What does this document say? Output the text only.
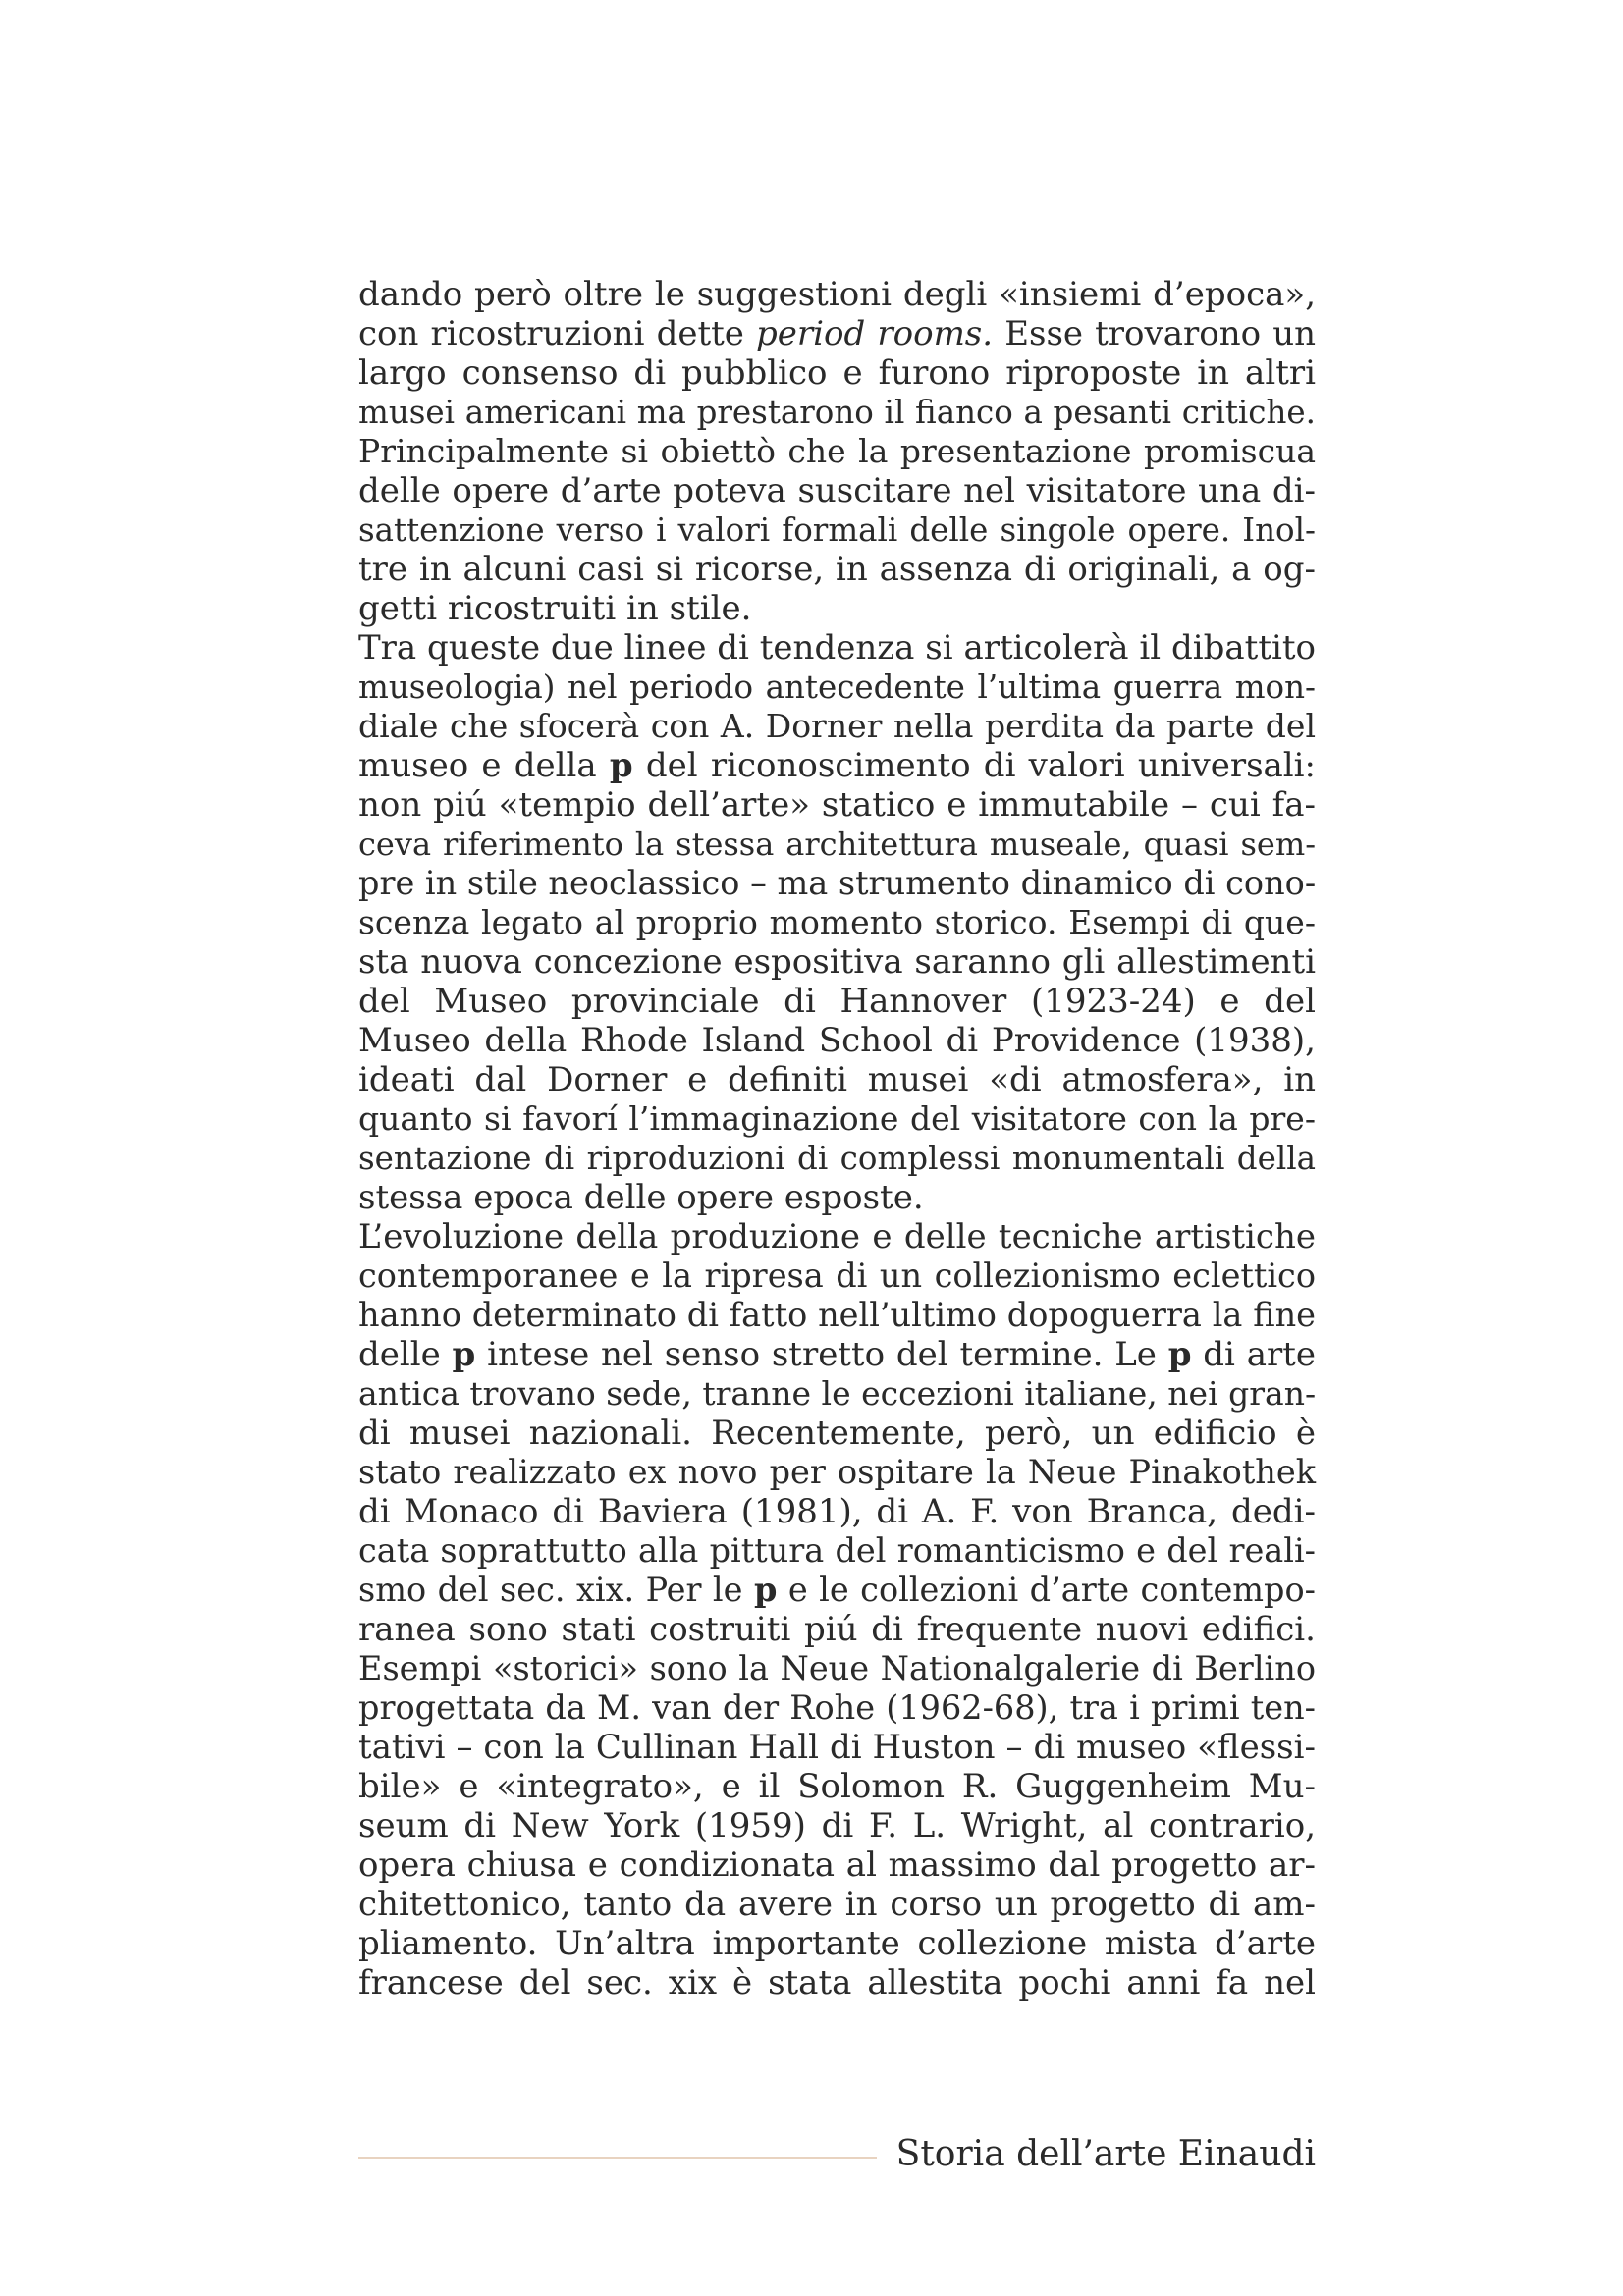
dando però oltre le suggestioni degli «insiemi d’epoca»,
con ricostruzioni dette period rooms. Esse trovarono un
largo consenso di pubblico e furono riproposte in altri
musei americani ma prestarono il fianco a pesanti critiche.
Principalmente si obiettò che la presentazione promiscua
delle opere d’arte poteva suscitare nel visitatore una di-
sattenzione verso i valori formali delle singole opere. Inol-
tre in alcuni casi si ricorse, in assenza di originali, a og-
getti ricostruiti in stile.
Tra queste due linee di tendenza si articolerà il dibattito
museologia) nel periodo antecedente l’ultima guerra mon-
diale che sfocerà con A. Dorner nella perdita da parte del
museo e della p del riconoscimento di valori universali:
non piú «tempio dell’arte» statico e immutabile – cui fa-
ceva riferimento la stessa architettura museale, quasi sem-
pre in stile neoclassico – ma strumento dinamico di cono-
scenza legato al proprio momento storico. Esempi di que-
sta nuova concezione espositiva saranno gli allestimenti
del Museo provinciale di Hannover (1923-24) e del
Museo della Rhode Island School di Providence (1938),
ideati dal Dorner e definiti musei «di atmosfera», in
quanto si favorí l’immaginazione del visitatore con la pre-
sentazione di riproduzioni di complessi monumentali della
stessa epoca delle opere esposte.
L’evoluzione della produzione e delle tecniche artistiche
contemporanee e la ripresa di un collezionismo eclettico
hanno determinato di fatto nell’ultimo dopoguerra la fine
delle p intese nel senso stretto del termine. Le p di arte
antica trovano sede, tranne le eccezioni italiane, nei gran-
di musei nazionali. Recentemente, però, un edificio è
stato realizzato ex novo per ospitare la Neue Pinakothek
di Monaco di Baviera (1981), di A. F. von Branca, dedi-
cata soprattutto alla pittura del romanticismo e del reali-
smo del sec. xix. Per le p e le collezioni d’arte contempo-
ranea sono stati costruiti piú di frequente nuovi edifici.
Esempi «storici» sono la Neue Nationalgalerie di Berlino
progettata da M. van der Rohe (1962-68), tra i primi ten-
tativi – con la Cullinan Hall di Huston – di museo «flessi-
bile» e «integrato», e il Solomon R. Guggenheim Mu-
seum di New York (1959) di F. L. Wright, al contrario,
opera chiusa e condizionata al massimo dal progetto ar-
chitettonico, tanto da avere in corso un progetto di am-
pliamento. Un’altra importante collezione mista d’arte
francese del sec. xix è stata allestita pochi anni fa nel
Storia dell’arte Einaudi
